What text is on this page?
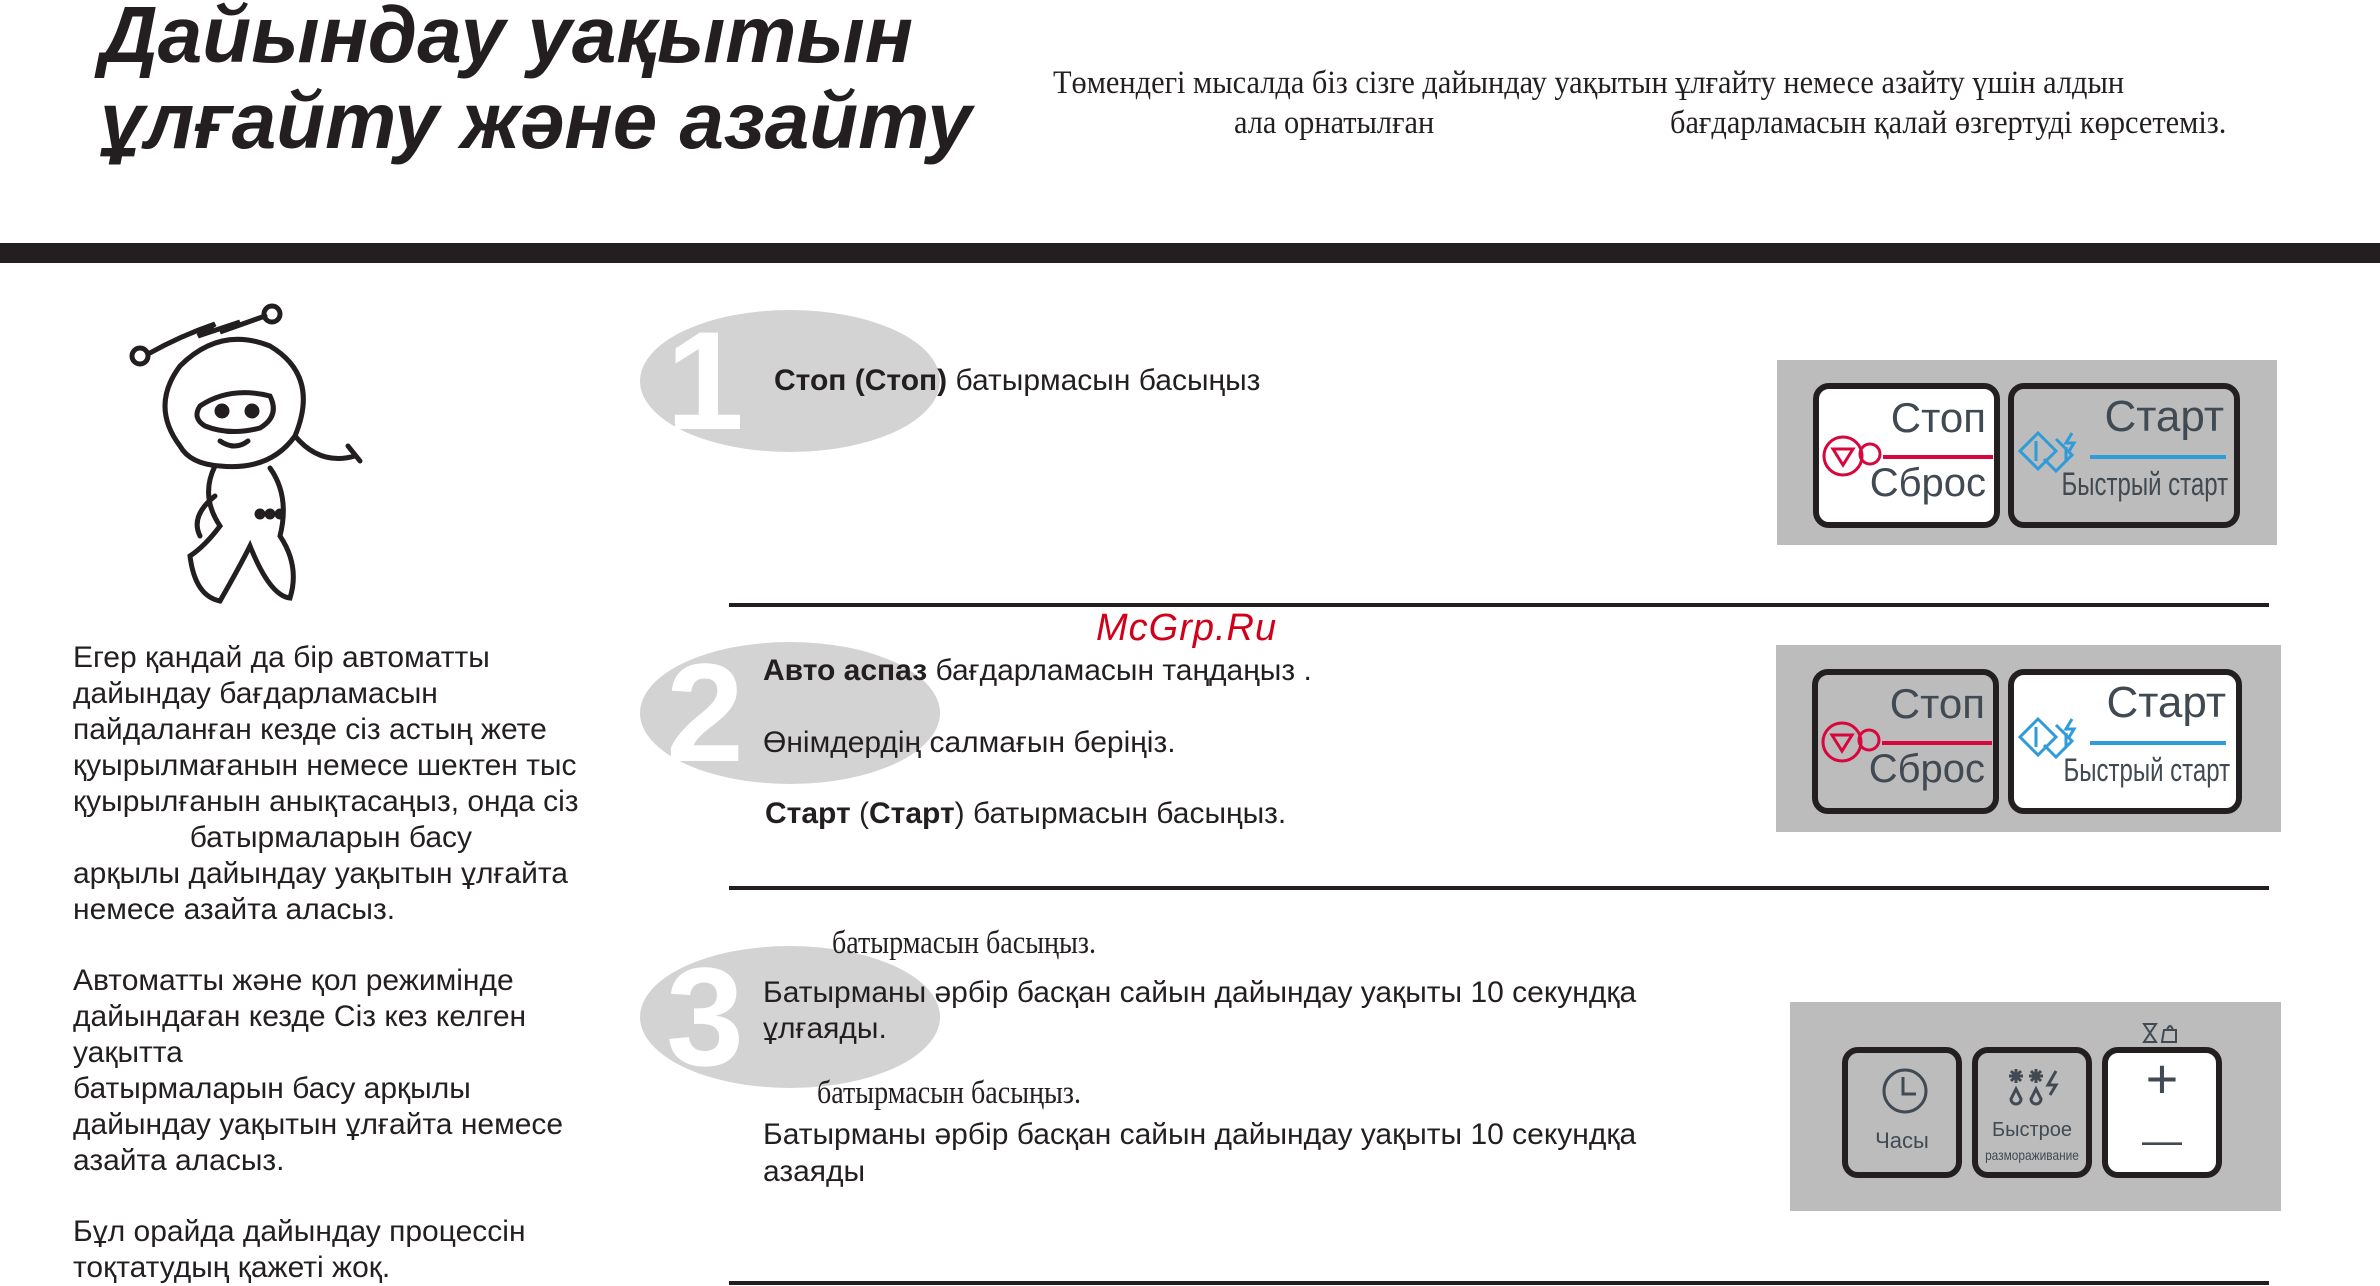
Дайындау уақытын
ұлғайту және азайту Төмендегі мысалда біз сізге дайындау уақытын ұлғайту немесе азайту үшін алдын
ала орнатылған	бағдарламасын қалай өзгертуді көрсетеміз.
Егер қандай да бір автоматты
дайындау бағдарламасын
пайдаланған кезде сіз астың жете
қуырылмағанын немесе шектен тыс
қуырылғанын анықтасаңыз, онда сіз
батырмаларын басу
арқылы дайындау уақытын ұлғайта
немесе азайта аласыз.
Автоматты және қол режимінде
дайындаған кезде Сіз кез келген
уақытта
батырмаларын басу арқылы
дайындау уақытын ұлғайта немесе
азайта аласыз.
Бұл орайда дайындау процессін
тоқтатудың қажеті жоқ.
1	Стоп (Стоп) батырмасын басыңыз
Стоп
Сброс
Старт
Быстрый старт
2
McGrp.Ru
Авто аспаз бағдарламасын таңдаңыз .
Өнімдердің салмағын беріңіз.
Старт (Старт) батырмасын басыңыз.
Стоп
Сброс
Старт
Быстрый старт
3	батырмасын басыңыз.
Батырманы әрбір басқан сайын дайындау уақыты 10 секундқа
ұлғаяды.
батырмасын басыңыз.
Батырманы әрбір басқан сайын дайындау уақыты 10 секундқа
азаяды
Часы	Быстрое
размораживание
+
—
